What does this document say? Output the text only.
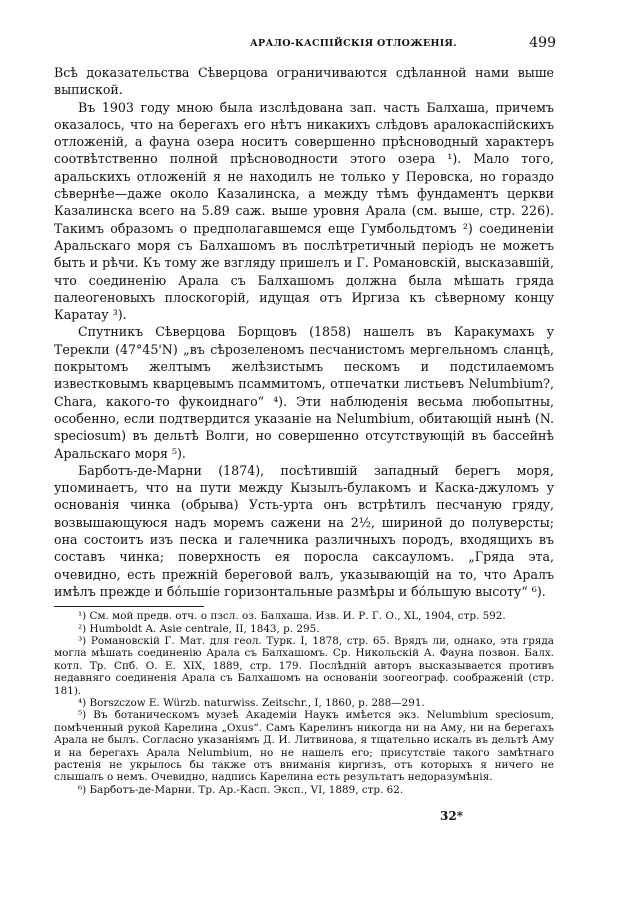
АРАЛО-КАСПІЙСКІЯ ОТЛОЖЕНІЯ.	499

Всѣ доказательства Сѣверцова ограничиваются сдѣланной нами выше выпиской.

Въ 1903 году мною была изслѣдована зап. часть Балхаша, причемъ оказалось, что на берегахъ его нѣтъ никакихъ слѣдовъ аралокаспійскихъ отложеній, а фауна озера носитъ совершенно прѣсноводный характеръ соотвѣтственно полной прѣсноводности этого озера ¹). Мало того, аральскихъ отложеній я не находилъ не только у Перовска, но гораздо сѣвернѣе—даже около Казалинска, а между тѣмъ фундаментъ церкви Казалинска всего на 5.89 саж. выше уровня Арала (см. выше, стр. 226). Такимъ образомъ о предполагавшемся еще Гумбольдтомъ ²) соединеніи Аральскаго моря съ Балхашомъ въ послѣтретичный періодъ не можетъ быть и рѣчи. Къ тому же взгляду пришелъ и Г. Романовскій, высказавшій, что соединенію Арала съ Балхашомъ должна была мѣшать гряда палеогеновыхъ плоскогорій, идущая отъ Иргиза къ сѣверному концу Каратау ³).

Спутникъ Сѣверцова Борщовъ (1858) нашелъ въ Каракумахъ у Терекли (47°45'N) „въ сѣрозеленомъ песчанистомъ мергельномъ сланцѣ, покрытомъ желтымъ желѣзистымъ пескомъ и подстилаемомъ известковымъ кварцевымъ псаммитомъ, отпечатки листьевъ Nelumbium?, Chara, какого-то фукоиднаго“ ⁴). Эти наблюденія весьма любопытны, особенно, если подтвердится указаніе на Nelumbium, обитающій нынѣ (N. speciosum) въ дельтѣ Волги, но совершенно отсутствующій въ бассейнѣ Аральскаго моря ⁵).

Барботъ-де-Марни (1874), посѣтившій западный берегъ моря, упоминаетъ, что на пути между Кызылъ-булакомъ и Каска-джуломъ у основанія чинка (обрыва) Усть-урта онъ встрѣтилъ песчаную гряду, возвышающуюся надъ моремъ сажени на 2½, шириной до полуверсты; она состоитъ изъ песка и галечника различныхъ породъ, входящихъ въ составъ чинка; поверхность ея поросла саксауломъ. „Гряда эта, очевидно, есть прежній береговой валъ, указывающій на то, что Аралъ имѣлъ прежде и бо́льшіе горизонтальные размѣры и бо́льшую высоту“ ⁶).

¹) См. мой предв. отч. о пзсл. оз. Балхаша. Изв. И. Р. Г. О., XL, 1904, стр. 592.

²) Humboldt A. Asie centrale, II, 1843, p. 295.

³) Романовскій Г. Мат. для геол. Турк. I, 1878, стр. 65. Врядъ ли, однако, эта гряда могла мѣшать соединенію Арала съ Балхашомъ. Ср. Никольскій А. Фауна позвон. Балх. котл. Тр. Спб. О. Е. XIX, 1889, стр. 179. Послѣдній авторъ высказывается противъ недавняго соединенія Арала съ Балхашомъ на основаніи зоогеограф. соображеній (стр. 181).

⁴) Borszczow E. Würzb. naturwiss. Zeitschr., I, 1860, p. 288—291.

⁵) Въ ботаническомъ музеѣ Академіи Наукъ имѣется экз. Nelumbium speciosum, помѣченный рукой Карелина „Oxus“. Самъ Карелинъ никогда ни на Аму, ни на берегахъ Арала не былъ. Согласно указаніямъ Д. И. Литвинова, я тщательно искалъ въ дельтѣ Аму и на берегахъ Арала Nelumbium, но не нашелъ его; присутствіе такого замѣтнаго растенія не укрылось бы также отъ вниманія киргизъ, отъ которыхъ я ничего не слышалъ о немъ. Очевидно, надпись Карелина есть результатъ недоразумѣнія.

⁶) Барботъ-де-Марни. Тр. Ар.-Касп. Эксп., VI, 1889, стр. 62.

32*
